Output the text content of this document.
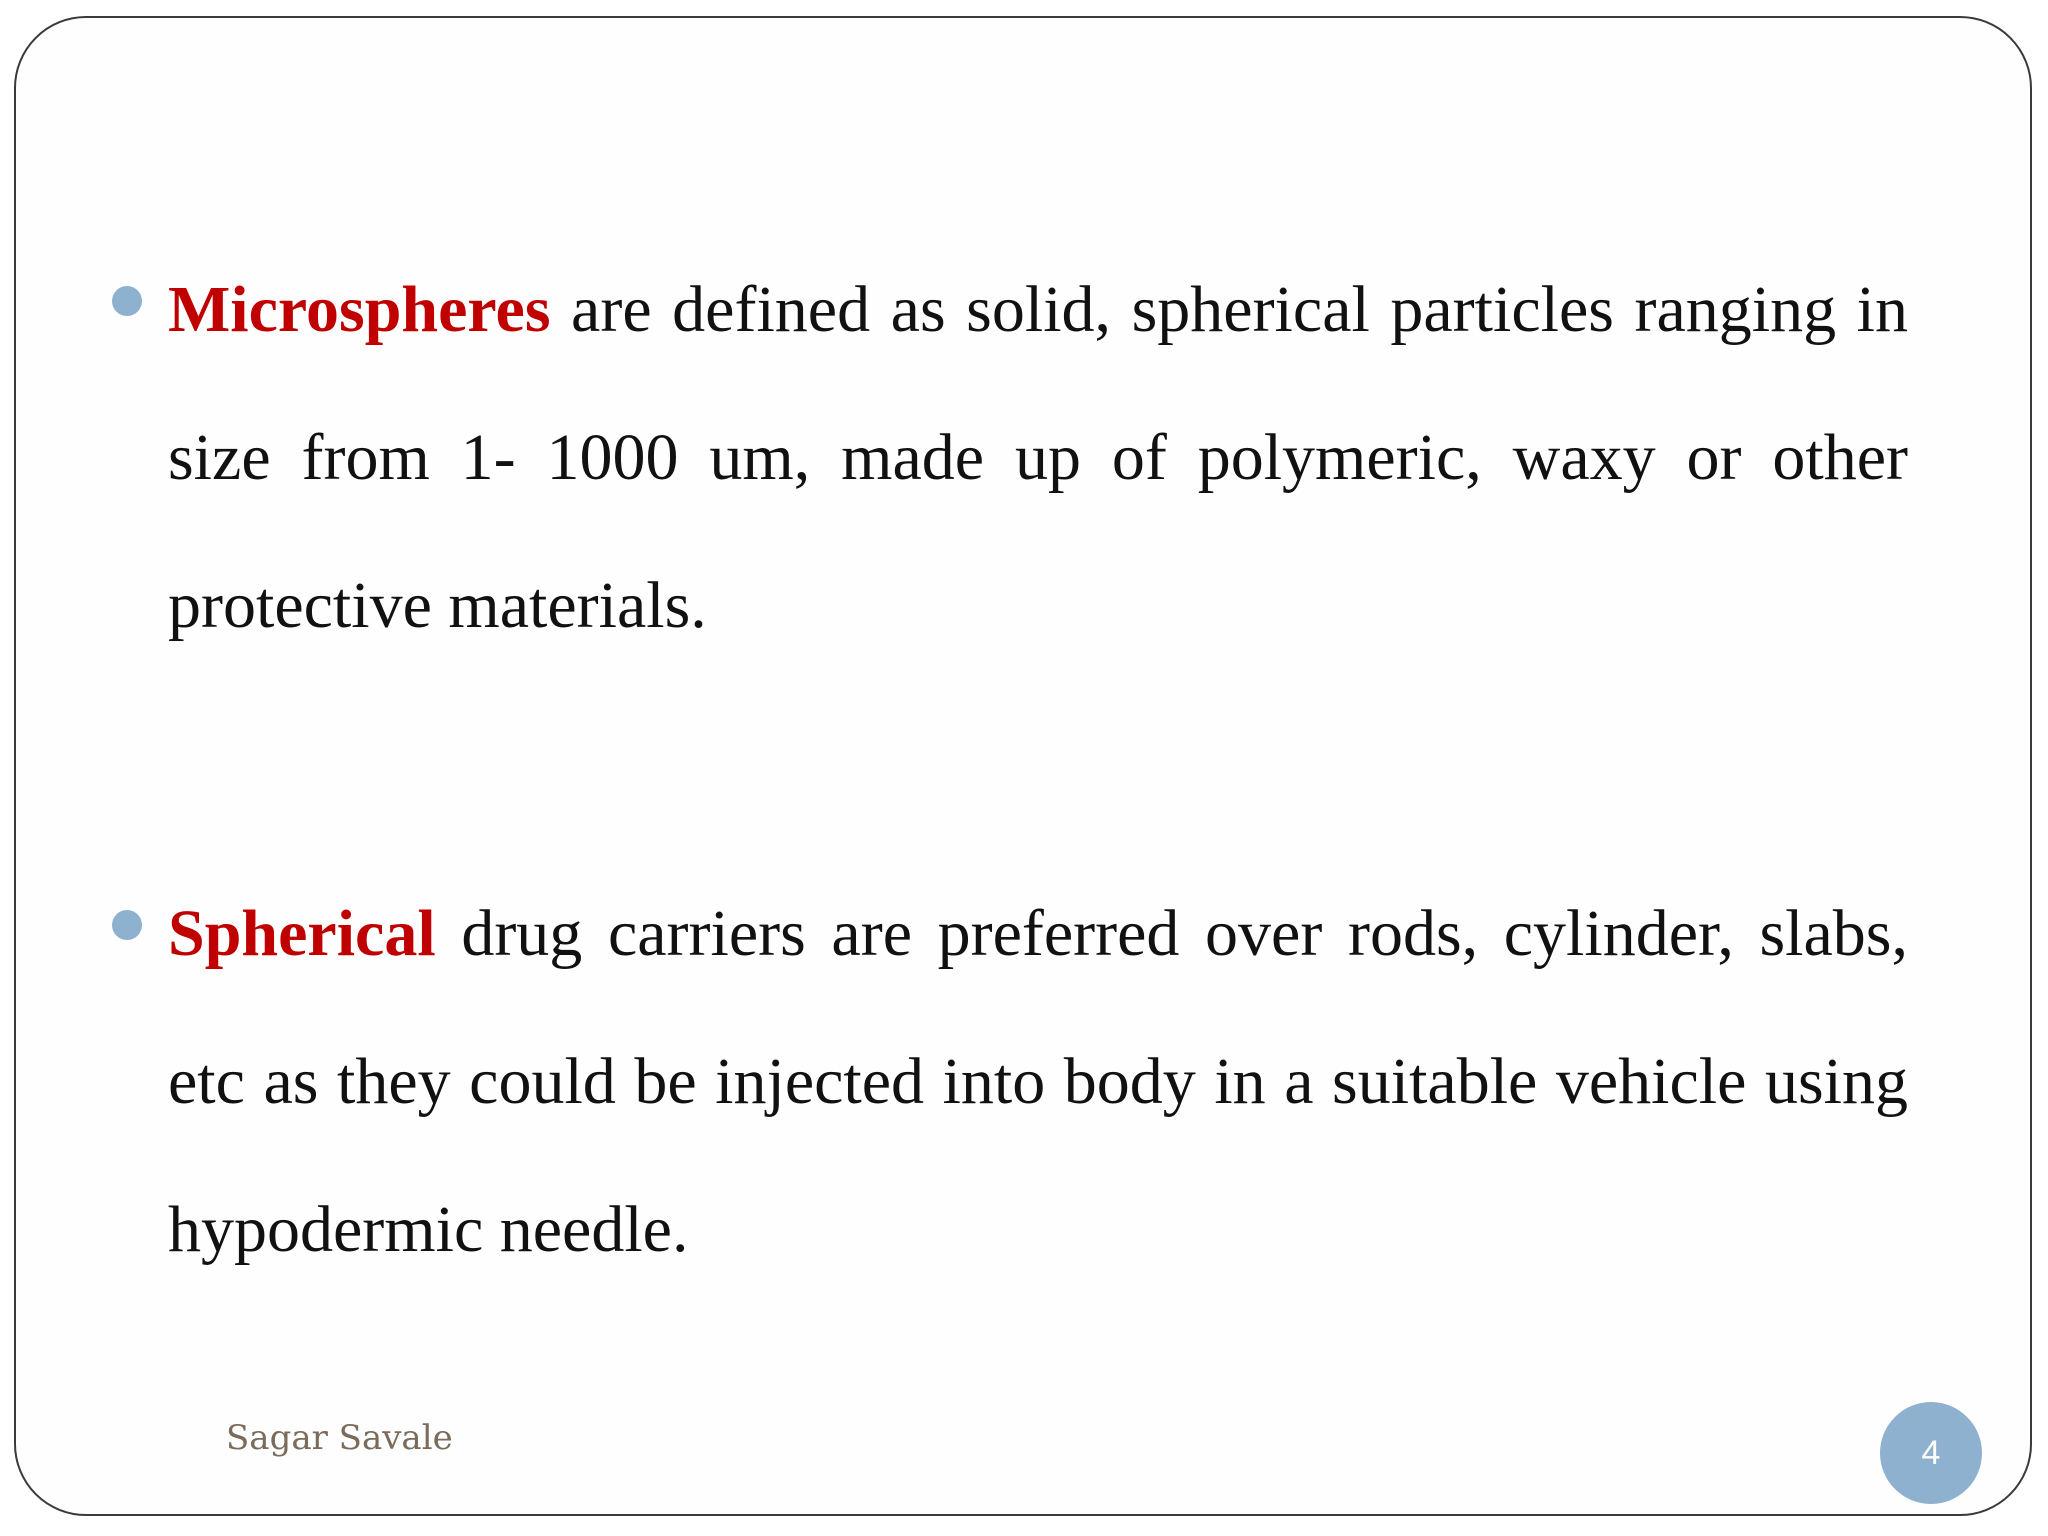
Microspheres are defined as solid, spherical particles ranging in size from 1- 1000 um, made up of polymeric, waxy or other protective materials.
Spherical drug carriers are preferred over rods, cylinder, slabs, etc as they could be injected into body in a suitable vehicle using hypodermic needle.
Sagar Savale	4
